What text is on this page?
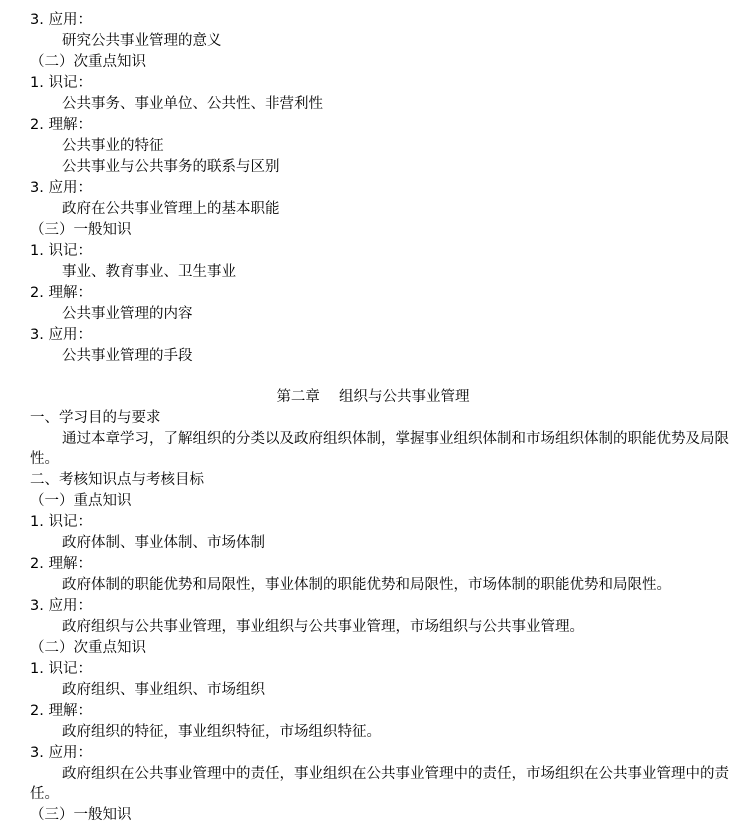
3. 应用：
研究公共事业管理的意义
（二）次重点知识
1. 识记：
公共事务、事业单位、公共性、非营利性
2. 理解：
公共事业的特征
公共事业与公共事务的联系与区别
3. 应用：
政府在公共事业管理上的基本职能
（三）一般知识
1. 识记：
事业、教育事业、卫生事业
2. 理解：
公共事业管理的内容
3. 应用：
公共事业管理的手段
第二章　 组织与公共事业管理
一、学习目的与要求
通过本章学习，了解组织的分类以及政府组织体制，掌握事业组织体制和市场组织体制的职能优势及局限性。
二、考核知识点与考核目标
（一）重点知识
1. 识记：
政府体制、事业体制、市场体制
2. 理解：
政府体制的职能优势和局限性，事业体制的职能优势和局限性，市场体制的职能优势和局限性。
3. 应用：
政府组织与公共事业管理，事业组织与公共事业管理，市场组织与公共事业管理。
（二）次重点知识
1. 识记：
政府组织、事业组织、市场组织
2. 理解：
政府组织的特征，事业组织特征，市场组织特征。
3. 应用：
政府组织在公共事业管理中的责任，事业组织在公共事业管理中的责任，市场组织在公共事业管理中的责任。
（三）一般知识
